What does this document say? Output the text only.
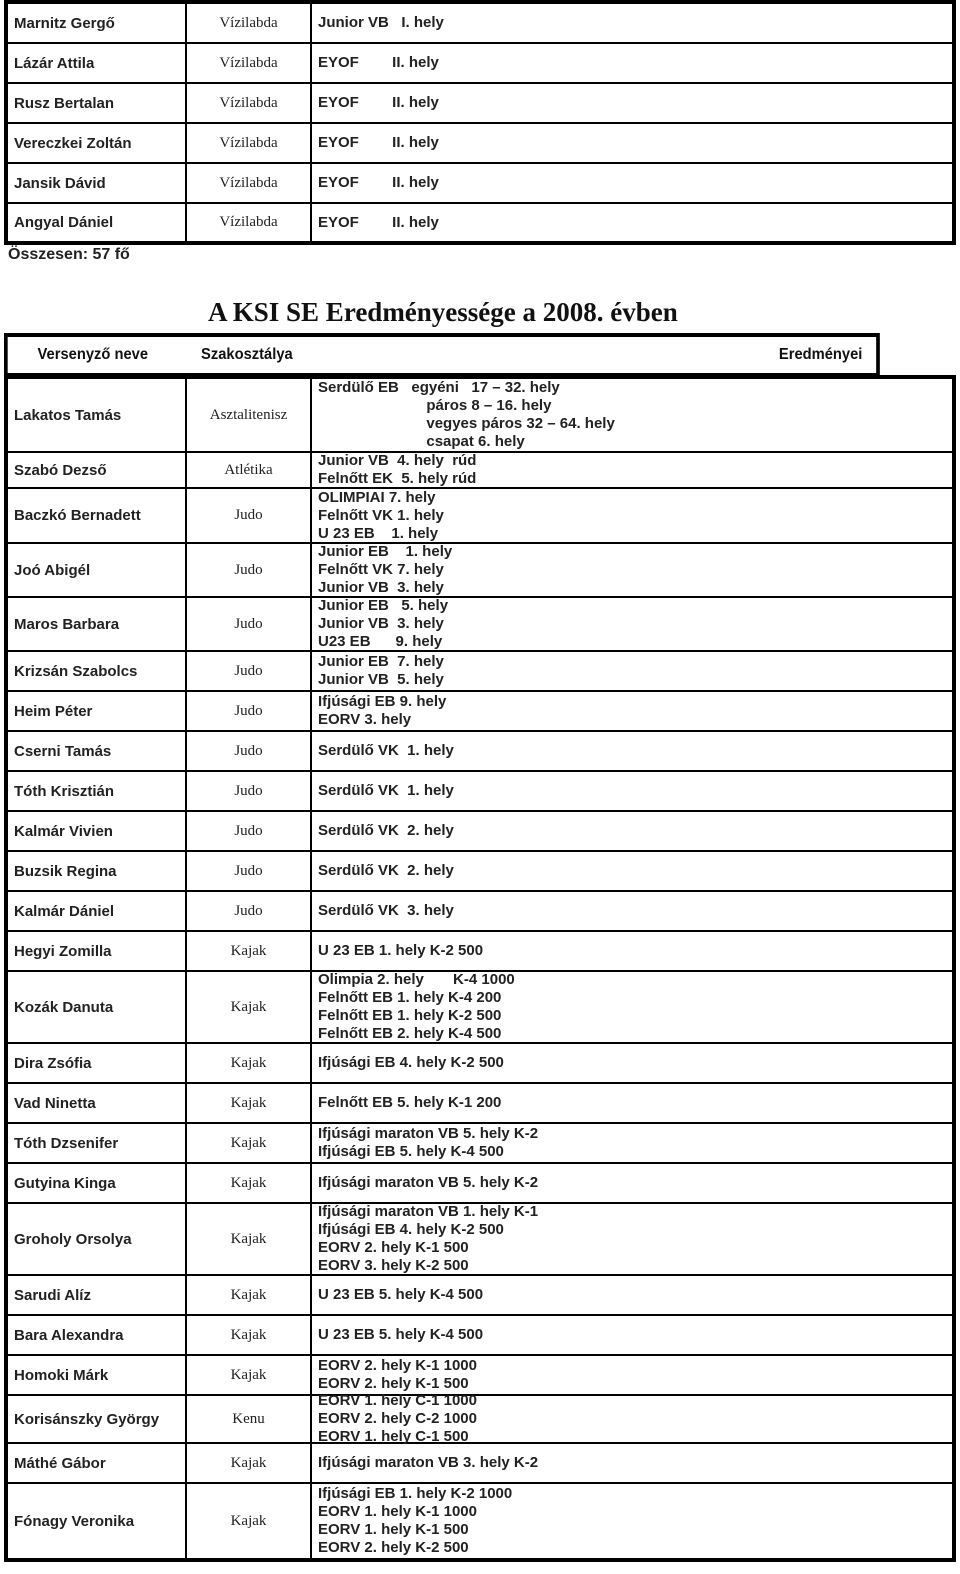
Marnitz Gergő	Vízilabda	Junior VB   I. hely
Lázár Attila	Vízilabda	EYOF        II. hely
Rusz Bertalan	Vízilabda	EYOF        II. hely
Vereczkei Zoltán	Vízilabda	EYOF        II. hely
Jansik Dávid	Vízilabda	EYOF        II. hely
Angyal Dániel	Vízilabda	EYOF        II. hely
Összesen: 57 fő
A KSI SE Eredményessége a 2008. évben
Versenyző neve	Szakosztálya	Eredményei
Lakatos Tamás	Asztalitenisz
Serdülő EB   egyéni   17 – 32. hely
páros 8 – 16. hely
vegyes páros 32 – 64. hely
csapat 6. hely
Szabó Dezső	Atlétika
Junior VB  4. hely  rúd
Felnőtt EK  5. hely rúd
Baczkó Bernadett	Judo
OLIMPIAI 7. hely
Felnőtt VK 1. hely
U 23 EB    1. hely
Joó Abigél	Judo
Junior EB    1. hely
Felnőtt VK 7. hely
Junior VB  3. hely
Maros Barbara	Judo
Junior EB   5. hely
Junior VB  3. hely
U23 EB      9. hely
Krizsán Szabolcs	Judo
Junior EB  7. hely
Junior VB  5. hely
Heim Péter	Judo
Ifjúsági EB 9. hely
EORV 3. hely
Cserni Tamás	Judo	Serdülő VK  1. hely
Tóth Krisztián	Judo	Serdülő VK  1. hely
Kalmár Vivien	Judo	Serdülő VK  2. hely
Buzsik Regina	Judo	Serdülő VK  2. hely
Kalmár Dániel	Judo	Serdülő VK  3. hely
Hegyi Zomilla	Kajak	U 23 EB 1. hely K-2 500
Kozák Danuta	Kajak
Olimpia 2. hely       K-4 1000
Felnőtt EB 1. hely K-4 200
Felnőtt EB 1. hely K-2 500
Felnőtt EB 2. hely K-4 500
Dira Zsófia	Kajak	Ifjúsági EB 4. hely K-2 500
Vad Ninetta	Kajak	Felnőtt EB 5. hely K-1 200
Tóth Dzsenifer	Kajak
Ifjúsági maraton VB 5. hely K-2
Ifjúsági EB 5. hely K-4 500
Gutyina Kinga	Kajak	Ifjúsági maraton VB 5. hely K-2
Groholy Orsolya	Kajak
Ifjúsági maraton VB 1. hely K-1
Ifjúsági EB 4. hely K-2 500
EORV 2. hely K-1 500
EORV 3. hely K-2 500
Sarudi Alíz	Kajak	U 23 EB 5. hely K-4 500
Bara Alexandra	Kajak	U 23 EB 5. hely K-4 500
Homoki Márk	Kajak
EORV 2. hely K-1 1000
EORV 2. hely K-1 500
Korisánszky György	Kenu
EORV 1. hely C-1 1000
EORV 2. hely C-2 1000
EORV 1. hely C-1 500
Máthé Gábor	Kajak	Ifjúsági maraton VB 3. hely K-2
Fónagy Veronika	Kajak
Ifjúsági EB 1. hely K-2 1000
EORV 1. hely K-1 1000
EORV 1. hely K-1 500
EORV 2. hely K-2 500
